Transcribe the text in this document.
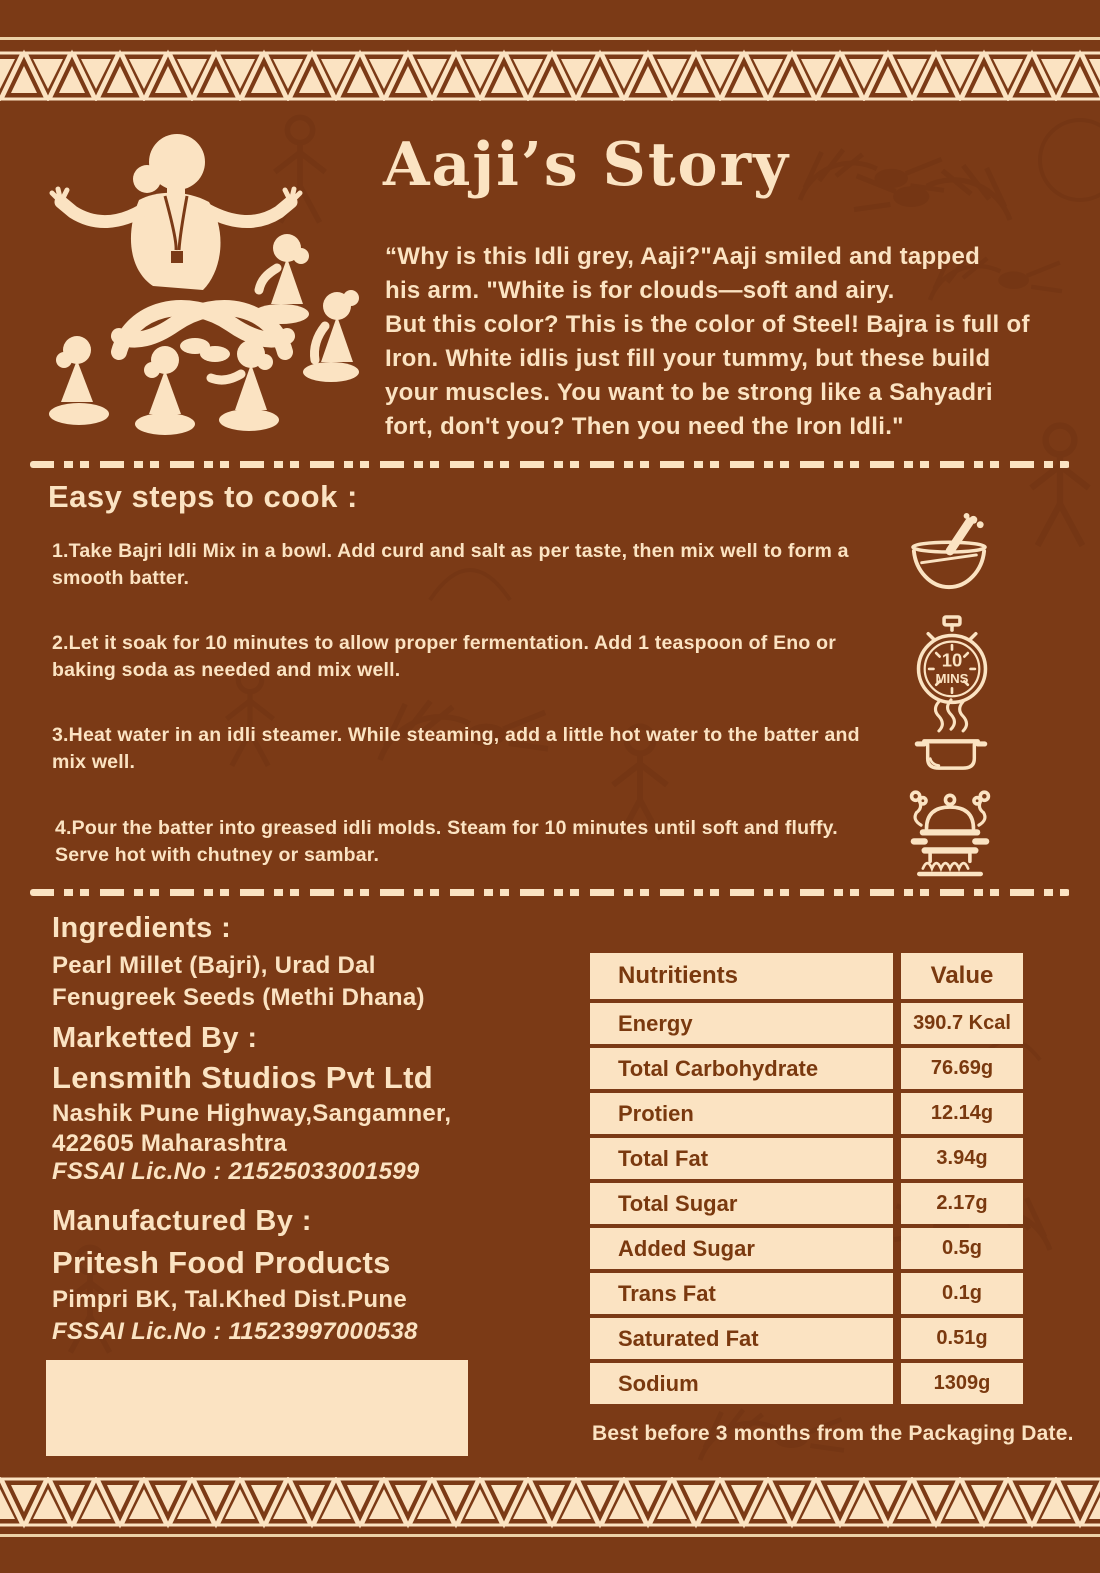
Aaji’s Story
“Why is this Idli grey, Aaji?"Aaji smiled and tapped
his arm. "White is for clouds—soft and airy.
But this color? This is the color of Steel! Bajra is full of
Iron. White idlis just fill your tummy, but these build
your muscles. You want to be strong like a Sahyadri
fort, don't you? Then you need the Iron Idli."
Easy steps to cook :
1.Take Bajri Idli Mix in a bowl. Add curd and salt as per taste, then mix well to form a smooth batter.
2.Let it soak for 10 minutes to allow proper fermentation. Add 1 teaspoon of Eno or baking soda as needed and mix well.
3.Heat water in an idli steamer. While steaming, add a little hot water to the batter and mix well.
4.Pour the batter into greased idli molds. Steam for 10 minutes until soft and fluffy. Serve hot with chutney or sambar.
10
MINS
Ingredients :
Pearl Millet (Bajri), Urad Dal
Fenugreek Seeds (Methi Dhana)
Marketted By :
Lensmith Studios Pvt Ltd
Nashik Pune Highway,Sangamner,
422605 Maharashtra
FSSAI Lic.No : 21525033001599
Manufactured By :
Pritesh Food Products
Pimpri BK, Tal.Khed Dist.Pune
FSSAI Lic.No : 11523997000538
Nutritients	Value
Energy	390.7 Kcal
Total Carbohydrate	76.69g
Protien	12.14g
Total Fat	3.94g
Total Sugar	2.17g
Added Sugar	0.5g
Trans Fat	0.1g
Saturated Fat	0.51g
Sodium	1309g
Best before 3 months from the Packaging Date.
